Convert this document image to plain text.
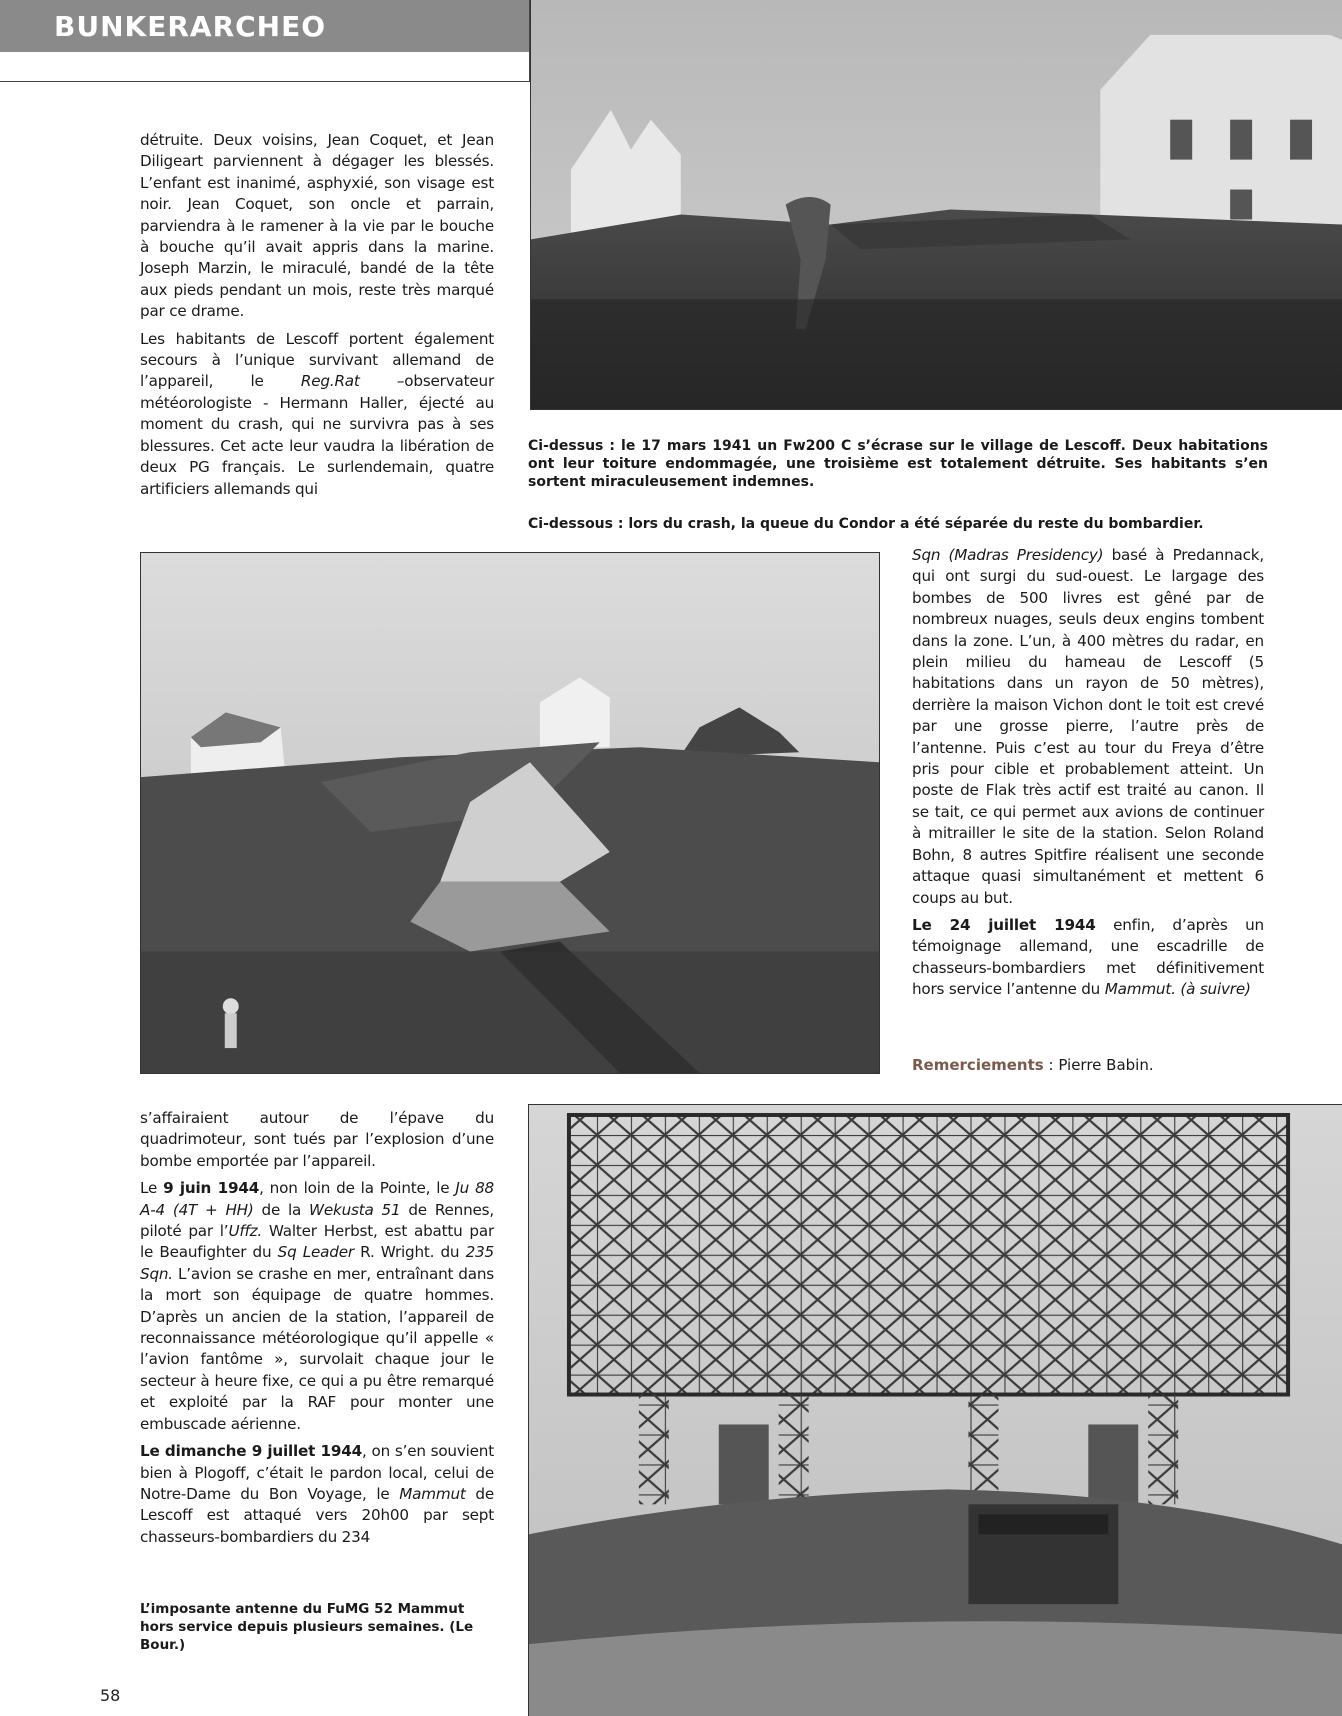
BUNKERARCHEO

détruite. Deux voisins, Jean Coquet, et Jean Diligeart parviennent à dégager les blessés. L’enfant est inanimé, asphyxié, son visage est noir. Jean Coquet, son oncle et parrain, parviendra à le ramener à la vie par le bouche à bouche qu’il avait appris dans la marine. Joseph Marzin, le miraculé, bandé de la tête aux pieds pendant un mois, reste très marqué par ce drame.

Les habitants de Lescoff portent également secours à l’unique survivant allemand de l’appareil, le Reg.Rat –observateur météorologiste - Hermann Haller, éjecté au moment du crash, qui ne survivra pas à ses blessures. Cet acte leur vaudra la libération de deux PG français. Le surlendemain, quatre artificiers allemands qui

Ci-dessus : le 17 mars 1941 un Fw200 C s’écrase sur le village de Lescoff. Deux habitations ont leur toiture endommagée, une troisième est totalement détruite. Ses habitants s’en sortent miraculeusement indemnes.
Ci-dessous : lors du crash, la queue du Condor a été séparée du reste du bombardier.

Sqn (Madras Presidency) basé à Predannack, qui ont surgi du sud-ouest. Le largage des bombes de 500 livres est gêné par de nombreux nuages, seuls deux engins tombent dans la zone. L’un, à 400 mètres du radar, en plein milieu du hameau de Lescoff (5 habitations dans un rayon de 50 mètres), derrière la maison Vichon dont le toit est crevé par une grosse pierre, l’autre près de l’antenne. Puis c’est au tour du Freya d’être pris pour cible et probablement atteint. Un poste de Flak très actif est traité au canon. Il se tait, ce qui permet aux avions de continuer à mitrailler le site de la station. Selon Roland Bohn, 8 autres Spitfire réalisent une seconde attaque quasi simultanément et mettent 6 coups au but.

Le 24 juillet 1944 enfin, d’après un témoignage allemand, une escadrille de chasseurs-bombardiers met définitivement hors service l’antenne du Mammut. (à suivre)

Remerciements : Pierre Babin.

s’affairaient autour de l’épave du quadrimoteur, sont tués par l’explosion d’une bombe emportée par l’appareil.

Le 9 juin 1944, non loin de la Pointe, le Ju 88 A-4 (4T + HH) de la Wekusta 51 de Rennes, piloté par l’Uffz. Walter Herbst, est abattu par le Beaufighter du Sq Leader R. Wright. du 235 Sqn. L’avion se crashe en mer, entraînant dans la mort son équipage de quatre hommes. D’après un ancien de la station, l’appareil de reconnaissance météorologique qu’il appelle « l’avion fantôme », survolait chaque jour le secteur à heure fixe, ce qui a pu être remarqué et exploité par la RAF pour monter une embuscade aérienne.

Le dimanche 9 juillet 1944, on s’en souvient bien à Plogoff, c’était le pardon local, celui de Notre-Dame du Bon Voyage, le Mammut de Lescoff est attaqué vers 20h00 par sept chasseurs-bombardiers du 234

L’imposante antenne du FuMG 52 Mammut hors service depuis plusieurs semaines. (Le Bour.)
58
